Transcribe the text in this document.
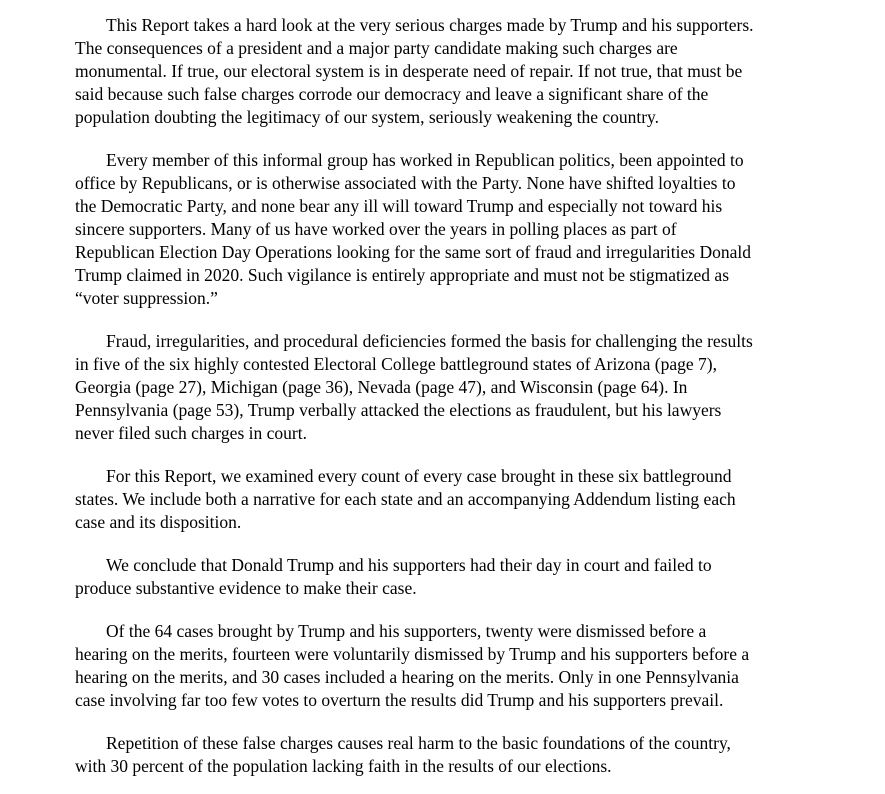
This Report takes a hard look at the very serious charges made by Trump and his supporters.
The consequences of a president and a major party candidate making such charges are
monumental. If true, our electoral system is in desperate need of repair. If not true, that must be
said because such false charges corrode our democracy and leave a significant share of the
population doubting the legitimacy of our system, seriously weakening the country.

Every member of this informal group has worked in Republican politics, been appointed to
office by Republicans, or is otherwise associated with the Party. None have shifted loyalties to
the Democratic Party, and none bear any ill will toward Trump and especially not toward his
sincere supporters. Many of us have worked over the years in polling places as part of
Republican Election Day Operations looking for the same sort of fraud and irregularities Donald
Trump claimed in 2020. Such vigilance is entirely appropriate and must not be stigmatized as
“voter suppression.”

Fraud, irregularities, and procedural deficiencies formed the basis for challenging the results
in five of the six highly contested Electoral College battleground states of Arizona (page 7),
Georgia (page 27), Michigan (page 36), Nevada (page 47), and Wisconsin (page 64). In
Pennsylvania (page 53), Trump verbally attacked the elections as fraudulent, but his lawyers
never filed such charges in court.

For this Report, we examined every count of every case brought in these six battleground
states. We include both a narrative for each state and an accompanying Addendum listing each
case and its disposition.

We conclude that Donald Trump and his supporters had their day in court and failed to
produce substantive evidence to make their case.

Of the 64 cases brought by Trump and his supporters, twenty were dismissed before a
hearing on the merits, fourteen were voluntarily dismissed by Trump and his supporters before a
hearing on the merits, and 30 cases included a hearing on the merits. Only in one Pennsylvania
case involving far too few votes to overturn the results did Trump and his supporters prevail.

Repetition of these false charges causes real harm to the basic foundations of the country,
with 30 percent of the population lacking faith in the results of our elections.
